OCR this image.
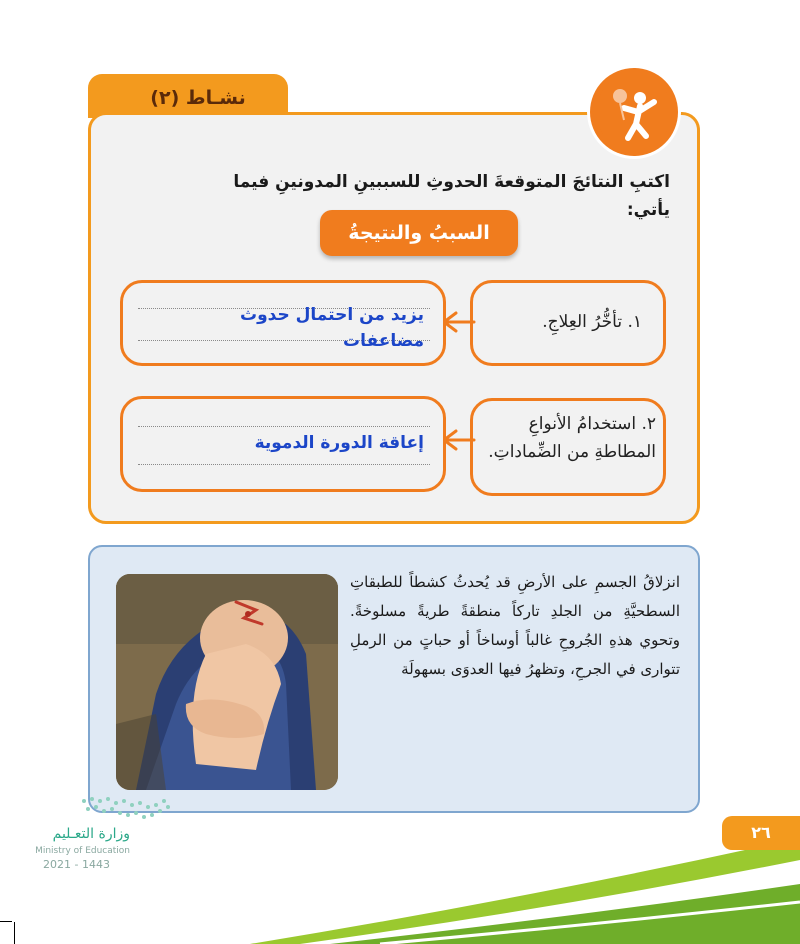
نشـاط (٢)
اكتبِ النتائجَ المتوقعةَ الحدوثِ للسببينِ المدونينِ فيما يأتي:
السببُ والنتيجةُ
١. تأخُّرُ العِلاجِ.
يزيد من احتمال حدوث مضاعفات
٢. استخدامُ الأنواعِ المطاطةِ من الضِّماداتِ.
إعاقة الدورة الدموية
انزلاقُ الجسمِ على الأرضِ قد يُحدثُ كشطاً للطبقاتِ السطحيَّةِ من الجلدِ تاركاً منطقةً طريةً مسلوخةً. وتحوي هذهِ الجُروحِ غالباً أوساخاً أو حباتٍ من الرملِ تتوارى في الجرحِ، وتظهرُ فيها العدوَى بسهولَة
وزارة التعـليم
Ministry of Education
2021 - 1443
٢٦
